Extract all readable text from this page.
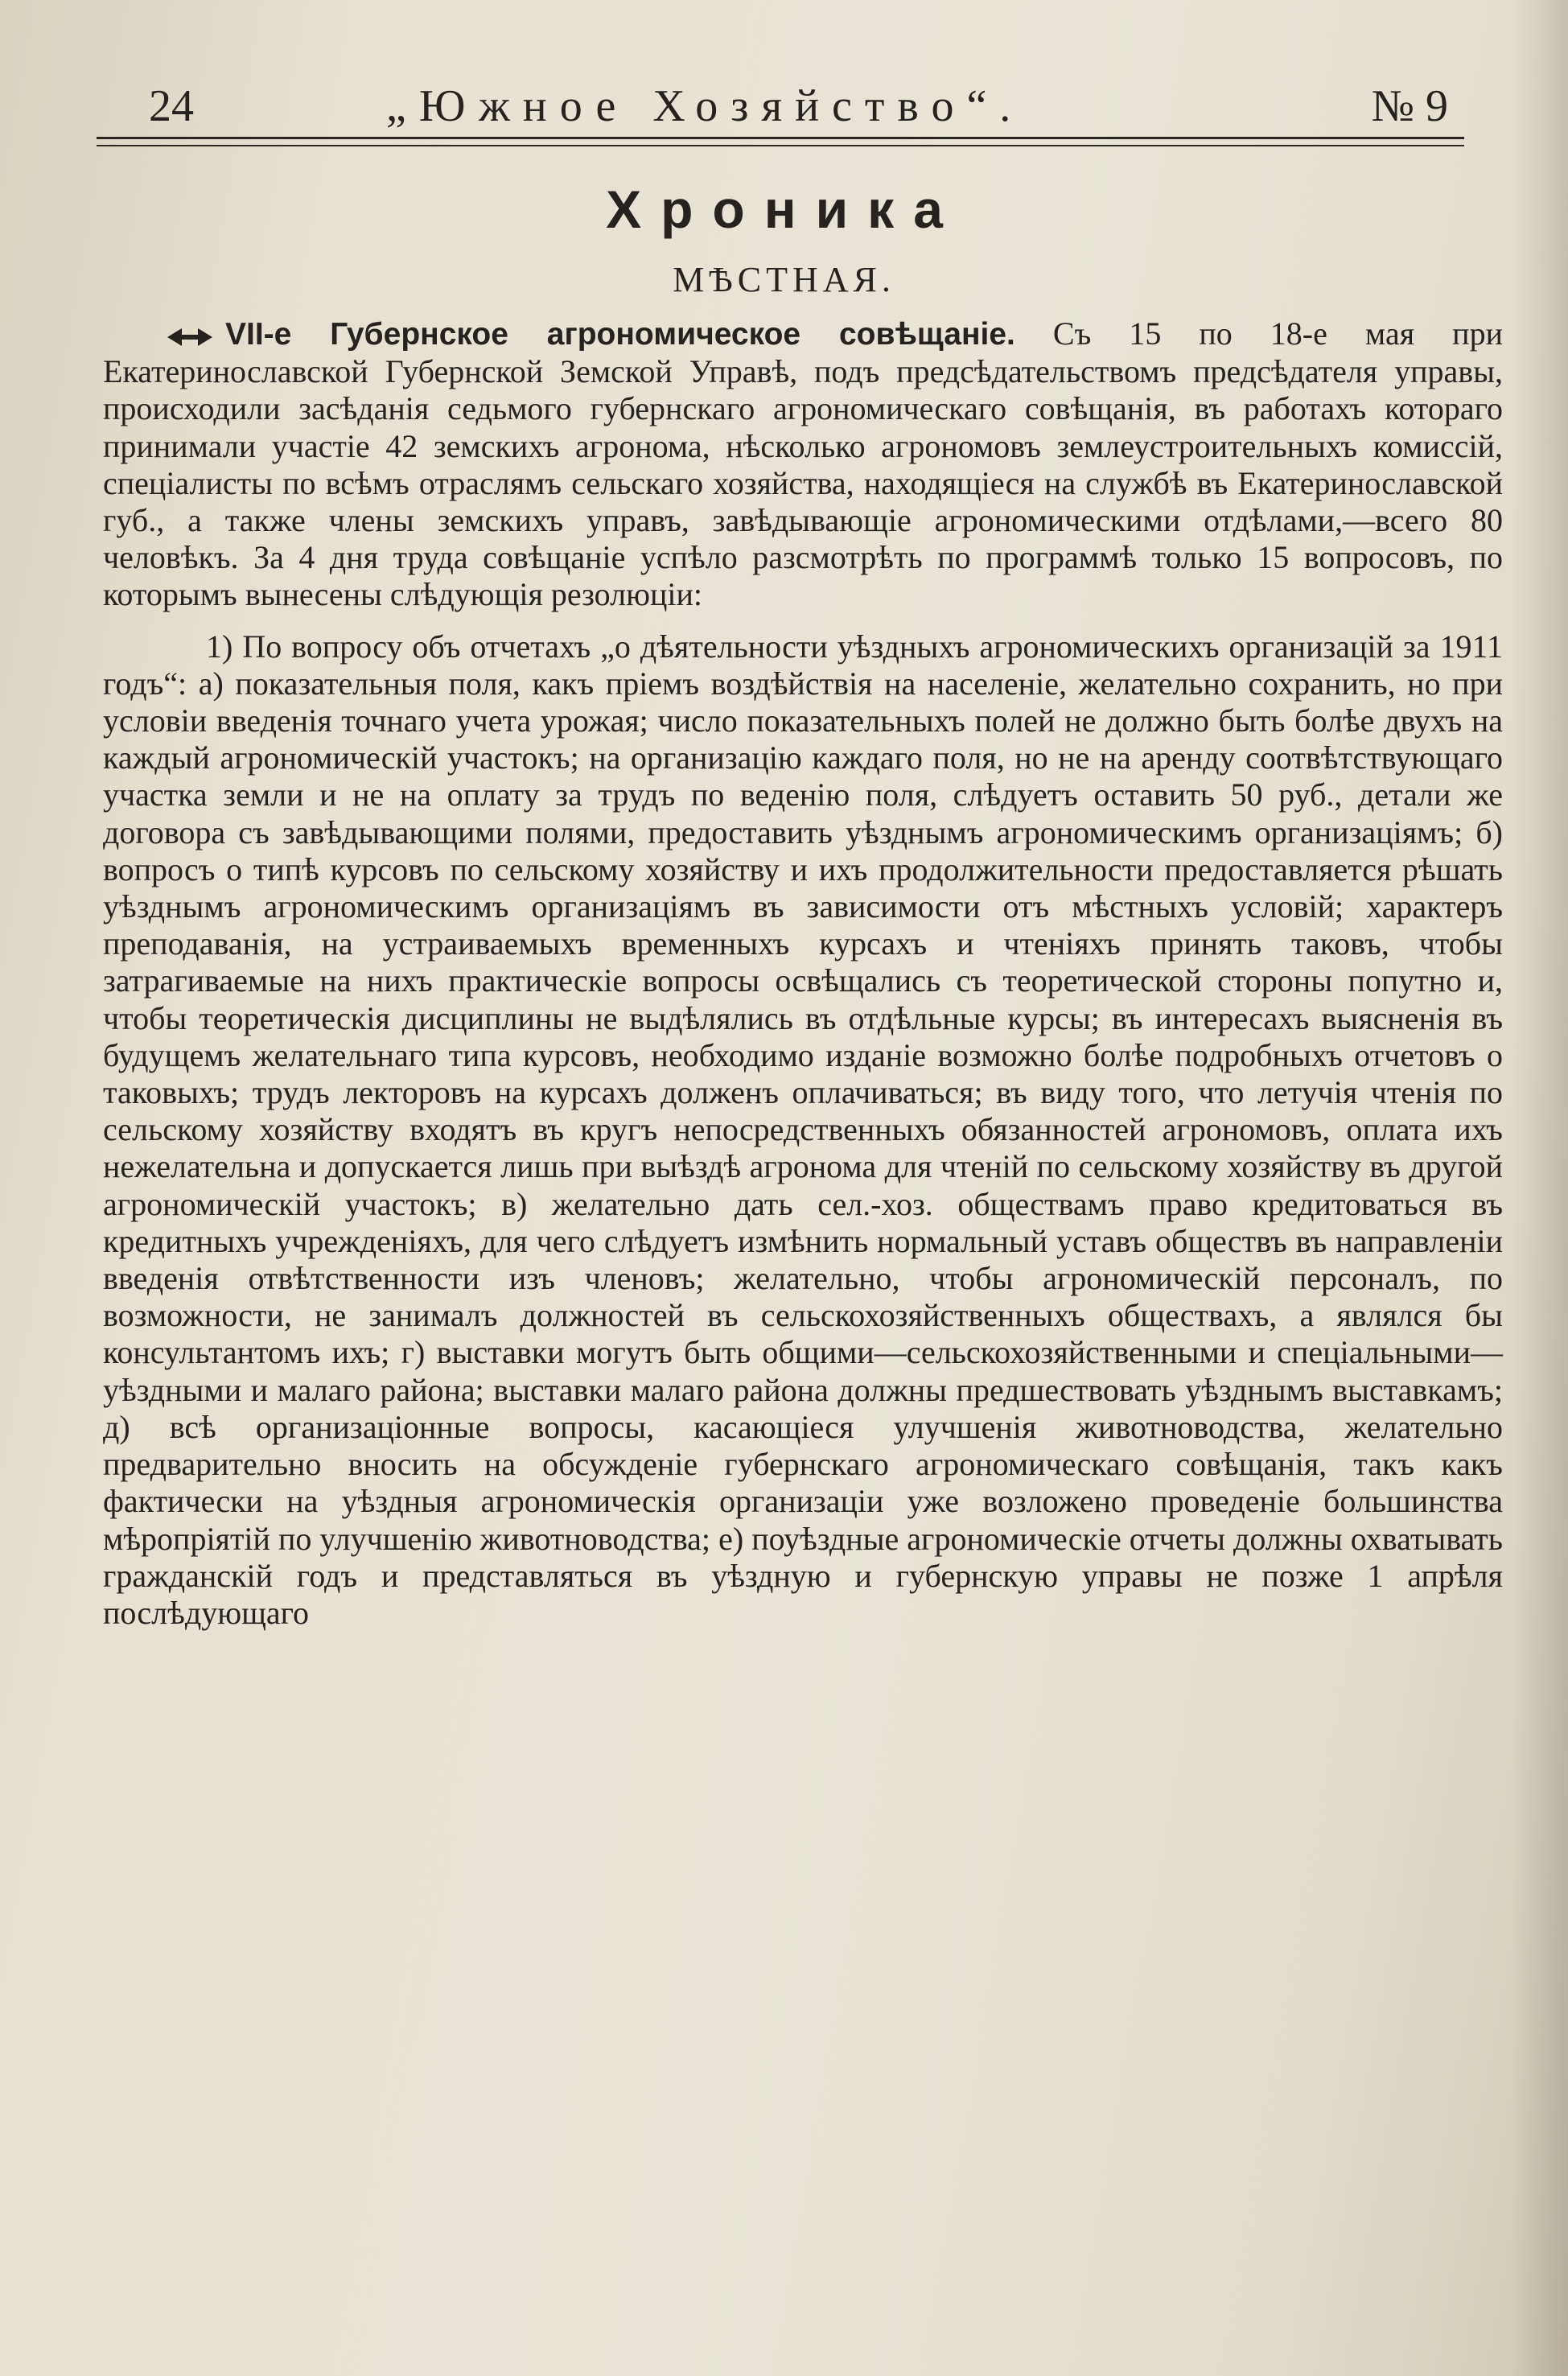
24	„Южное Хозяйство“.	№ 9
Хроника
МѢСТНАЯ.

VII-е Губернское агрономическое совѣщаніе. Съ 15 по 18-е мая при Екатеринославской Губернской Земской Управѣ, подъ предсѣдательствомъ предсѣдателя управы, происходили засѣданія седьмого губернскаго агрономическаго совѣщанія, въ работахъ котораго принимали участіе 42 земскихъ агронома, нѣсколько агрономовъ землеустроительныхъ комиссій, спеціалисты по всѣмъ отраслямъ сельскаго хозяйства, находящіеся на службѣ въ Екатеринославской губ., а также члены земскихъ управъ, завѣдывающіе агрономическими отдѣлами,—всего 80 человѣкъ. За 4 дня труда совѣщаніе успѣло разсмотрѣть по программѣ только 15 вопросовъ, по которымъ вынесены слѣдующія резолюціи:

1) По вопросу объ отчетахъ „о дѣятельности уѣздныхъ агрономическихъ организацій за 1911 годъ“: а) показательныя поля, какъ пріемъ воздѣйствія на населеніе, желательно сохранить, но при условіи введенія точнаго учета урожая; число показательныхъ полей не должно быть болѣе двухъ на каждый агрономическій участокъ; на организацію каждаго поля, но не на аренду соотвѣтствующаго участка земли и не на оплату за трудъ по веденію поля, слѣдуетъ оставить 50 руб., детали же договора съ завѣдывающими полями, предоставить уѣзднымъ агрономическимъ организаціямъ; б) вопросъ о типѣ курсовъ по сельскому хозяйству и ихъ продолжительности предоставляется рѣшать уѣзднымъ агрономическимъ организаціямъ въ зависимости отъ мѣстныхъ условій; характеръ преподаванія, на устраиваемыхъ временныхъ курсахъ и чтеніяхъ принять таковъ, чтобы затрагиваемые на нихъ практическіе вопросы освѣщались съ теоретической стороны попутно и, чтобы теоретическія дисциплины не выдѣлялись въ отдѣльные курсы; въ интересахъ выясненія въ будущемъ желательнаго типа курсовъ, необходимо изданіе возможно болѣе подробныхъ отчетовъ о таковыхъ; трудъ лекторовъ на курсахъ долженъ оплачиваться; въ виду того, что летучія чтенія по сельскому хозяйству входятъ въ кругъ непосредственныхъ обязанностей агрономовъ, оплата ихъ нежелательна и допускается лишь при выѣздѣ агронома для чтеній по сельскому хозяйству въ другой агрономическій участокъ; в) желательно дать сел.-хоз. обществамъ право кредитоваться въ кредитныхъ учрежденіяхъ, для чего слѣдуетъ измѣнить нормальный уставъ обществъ въ направленіи введенія отвѣтственности изъ членовъ; желательно, чтобы агрономическій персоналъ, по возможности, не занималъ должностей въ сельскохозяйственныхъ обществахъ, а являлся бы консультантомъ ихъ; г) выставки могутъ быть общими—сельскохозяйственными и спеціальными—уѣздными и малаго района; выставки малаго района должны предшествовать уѣзднымъ выставкамъ; д) всѣ организаціонные вопросы, касающіеся улучшенія животноводства, желательно предварительно вносить на обсужденіе губернскаго агрономическаго совѣщанія, такъ какъ фактически на уѣздныя агрономическія организаціи уже возложено проведеніе большинства мѣропріятій по улучшенію животноводства; е) поуѣздные агрономическіе отчеты должны охватывать гражданскій годъ и представляться въ уѣздную и губернскую управы не позже 1 апрѣля послѣдующаго
